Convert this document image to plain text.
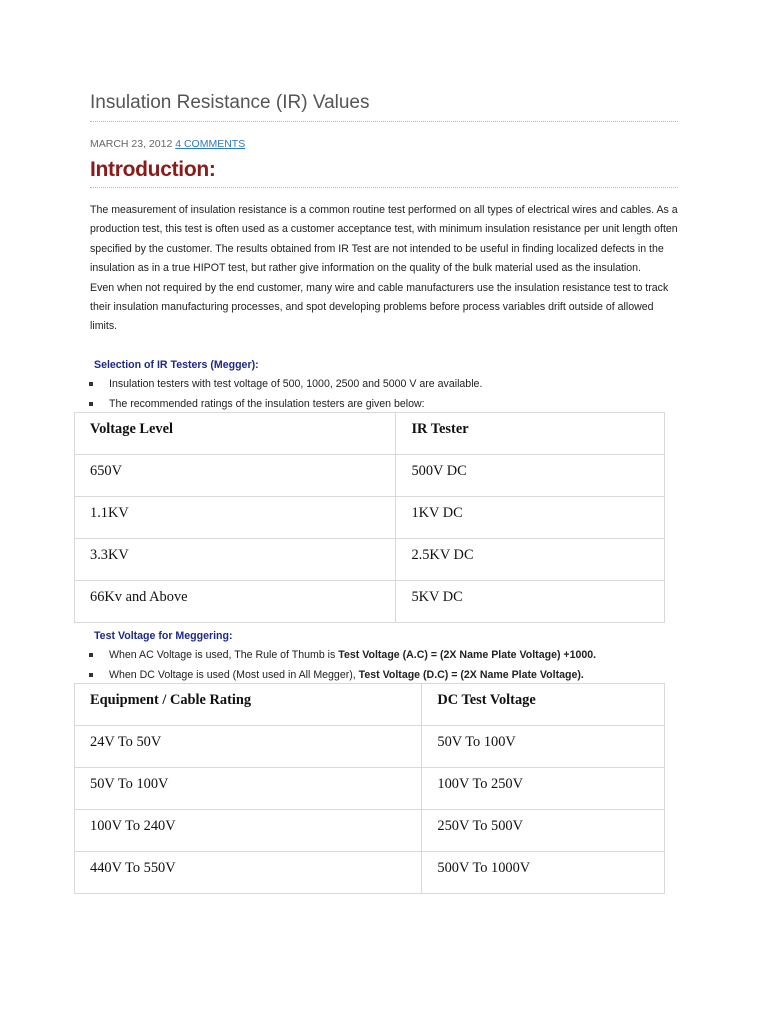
Insulation Resistance (IR) Values
MARCH 23, 2012 4 COMMENTS
Introduction:

The measurement of insulation resistance is a common routine test performed on all types of electrical wires and cables. As a production test, this test is often used as a customer acceptance test, with minimum insulation resistance per unit length often specified by the customer. The results obtained from IR Test are not intended to be useful in finding localized defects in the insulation as in a true HIPOT test, but rather give information on the quality of the bulk material used as the insulation.

Even when not required by the end customer, many wire and cable manufacturers use the insulation resistance test to track their insulation manufacturing processes, and spot developing problems before process variables drift outside of allowed limits.

Selection of IR Testers (Megger):
Insulation testers with test voltage of 500, 1000, 2500 and 5000 V are available.
The recommended ratings of the insulation testers are given below:
Voltage Level	IR Tester
650V	500V DC
1.1KV	1KV DC
3.3KV	2.5KV DC
66Kv and Above	5KV DC
Test Voltage for Meggering:
When AC Voltage is used, The Rule of Thumb is Test Voltage (A.C) = (2X Name Plate Voltage) +1000.
When DC Voltage is used (Most used in All Megger), Test Voltage (D.C) = (2X Name Plate Voltage).
Equipment / Cable Rating	DC Test Voltage
24V To 50V	50V To 100V
50V To 100V	100V To 250V
100V To 240V	250V To 500V
440V To 550V	500V To 1000V
